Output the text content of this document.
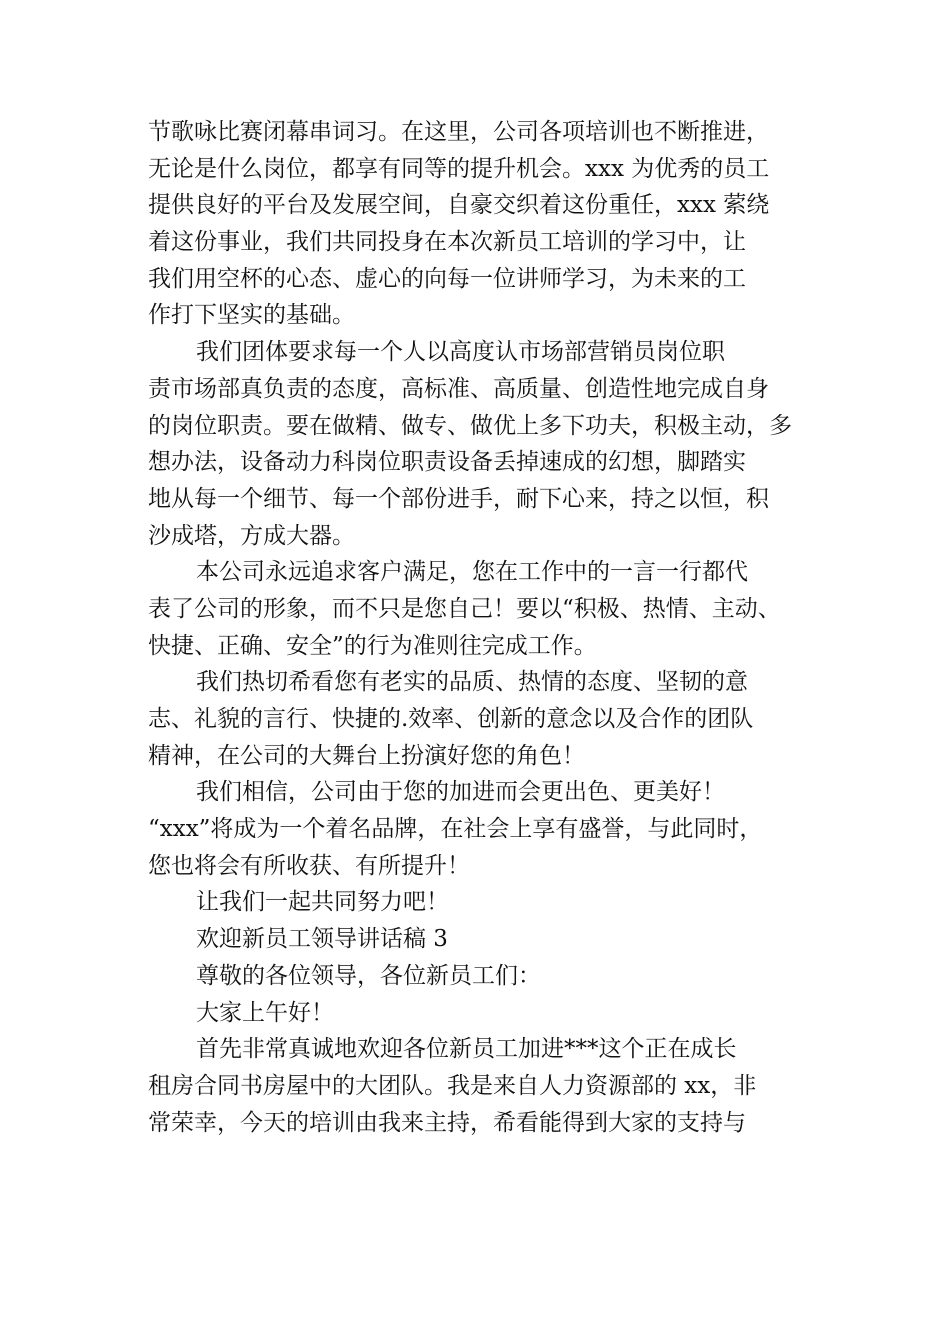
节歌咏比赛闭幕串词习。在这里，公司各项培训也不断推进，
无论是什么岗位，都享有同等的提升机会。xxx 为优秀的员工
提供良好的平台及发展空间，自豪交织着这份重任，xxx 萦绕
着这份事业，我们共同投身在本次新员工培训的学习中，让
我们用空杯的心态、虚心的向每一位讲师学习，为未来的工
作打下坚实的基础。
我们团体要求每一个人以高度认市场部营销员岗位职
责市场部真负责的态度，高标准、高质量、创造性地完成自身
的岗位职责。要在做精、做专、做优上多下功夫，积极主动，多
想办法，设备动力科岗位职责设备丢掉速成的幻想，脚踏实
地从每一个细节、每一个部份进手，耐下心来，持之以恒，积
沙成塔，方成大器。
本公司永远追求客户满足，您在工作中的一言一行都代
表了公司的形象，而不只是您自己！要以“积极、热情、主动、
快捷、正确、安全”的行为准则往完成工作。
我们热切希看您有老实的品质、热情的态度、坚韧的意
志、礼貌的言行、快捷的.效率、创新的意念以及合作的团队
精神，在公司的大舞台上扮演好您的角色！
我们相信，公司由于您的加进而会更出色、更美好！
“xxx”将成为一个着名品牌，在社会上享有盛誉，与此同时，
您也将会有所收获、有所提升！
让我们一起共同努力吧！
欢迎新员工领导讲话稿 3
尊敬的各位领导，各位新员工们：
大家上午好！
首先非常真诚地欢迎各位新员工加进***这个正在成长
租房合同书房屋中的大团队。我是来自人力资源部的 xx，非
常荣幸，今天的培训由我来主持，希看能得到大家的支持与
